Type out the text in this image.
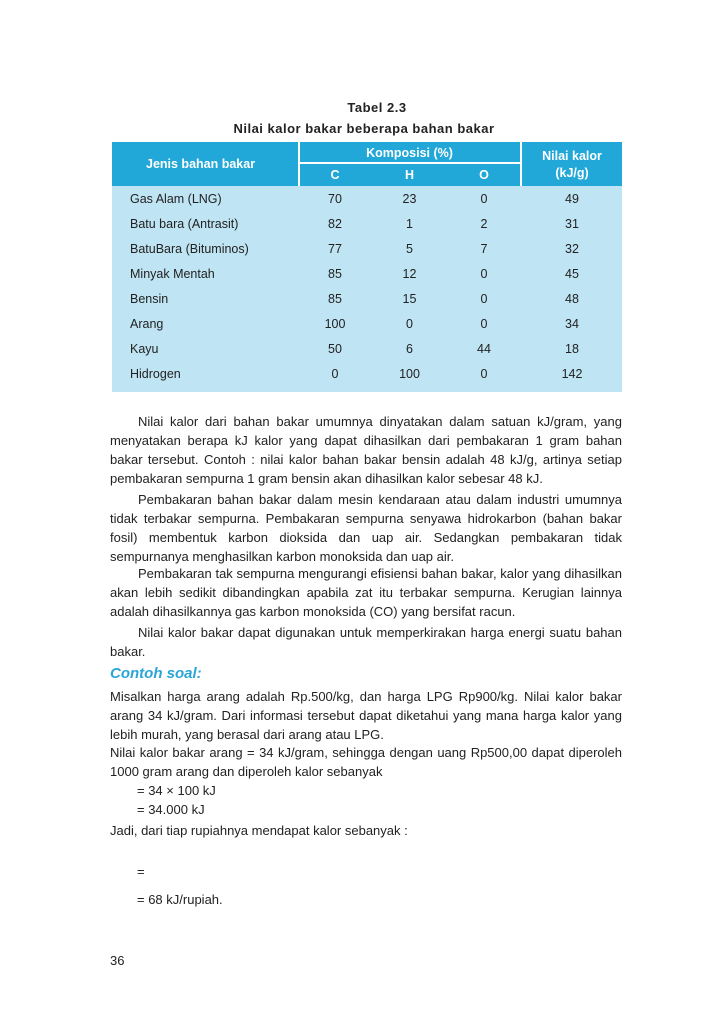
Tabel 2.3
Nilai kalor bakar beberapa bahan bakar
Jenis bahan bakar
Komposisi (%)
C	H	O
Nilai kalor
(kJ/g)
Gas Alam (LNG)	70	23	0	49
Batu bara (Antrasit)	82	1	2	31
BatuBara (Bituminos)	77	5	7	32
Minyak Mentah	85	12	0	45
Bensin	85	15	0	48
Arang	100	0	0	34
Kayu	50	6	44	18
Hidrogen	0	100	0	142

Nilai kalor dari bahan bakar umumnya dinyatakan dalam satuan kJ/gram, yang menyatakan berapa kJ kalor yang dapat dihasilkan dari pembakaran 1 gram bahan bakar tersebut. Contoh : nilai kalor bahan bakar bensin adalah 48 kJ/g, artinya setiap pembakaran sempurna 1 gram bensin akan dihasilkan kalor sebesar 48 kJ.

Pembakaran bahan bakar dalam mesin kendaraan atau dalam industri umumnya tidak terbakar sempurna. Pembakaran sempurna senyawa hidrokarbon (bahan bakar fosil) membentuk karbon dioksida dan uap air. Sedangkan pembakaran tidak sempurnanya menghasilkan karbon monoksida dan uap air.

Pembakaran tak sempurna mengurangi efisiensi bahan bakar, kalor yang dihasilkan akan lebih sedikit dibandingkan apabila zat itu terbakar sempurna. Kerugian lainnya adalah dihasilkannya gas karbon monoksida (CO) yang bersifat racun.

Nilai kalor bakar dapat digunakan untuk memperkirakan harga energi suatu bahan bakar.

Contoh soal:

Misalkan harga arang adalah Rp.500/kg, dan harga LPG Rp900/kg. Nilai kalor bakar arang 34 kJ/gram. Dari informasi tersebut dapat diketahui yang mana harga kalor yang lebih murah, yang berasal dari arang atau LPG.

Nilai kalor bakar arang = 34 kJ/gram, sehingga dengan uang Rp500,00 dapat diperoleh 1000 gram arang dan diperoleh kalor sebanyak

= 34 × 100 kJ
= 34.000 kJ

Jadi, dari tiap rupiahnya mendapat kalor sebanyak :

=
= 68 kJ/rupiah.
36
